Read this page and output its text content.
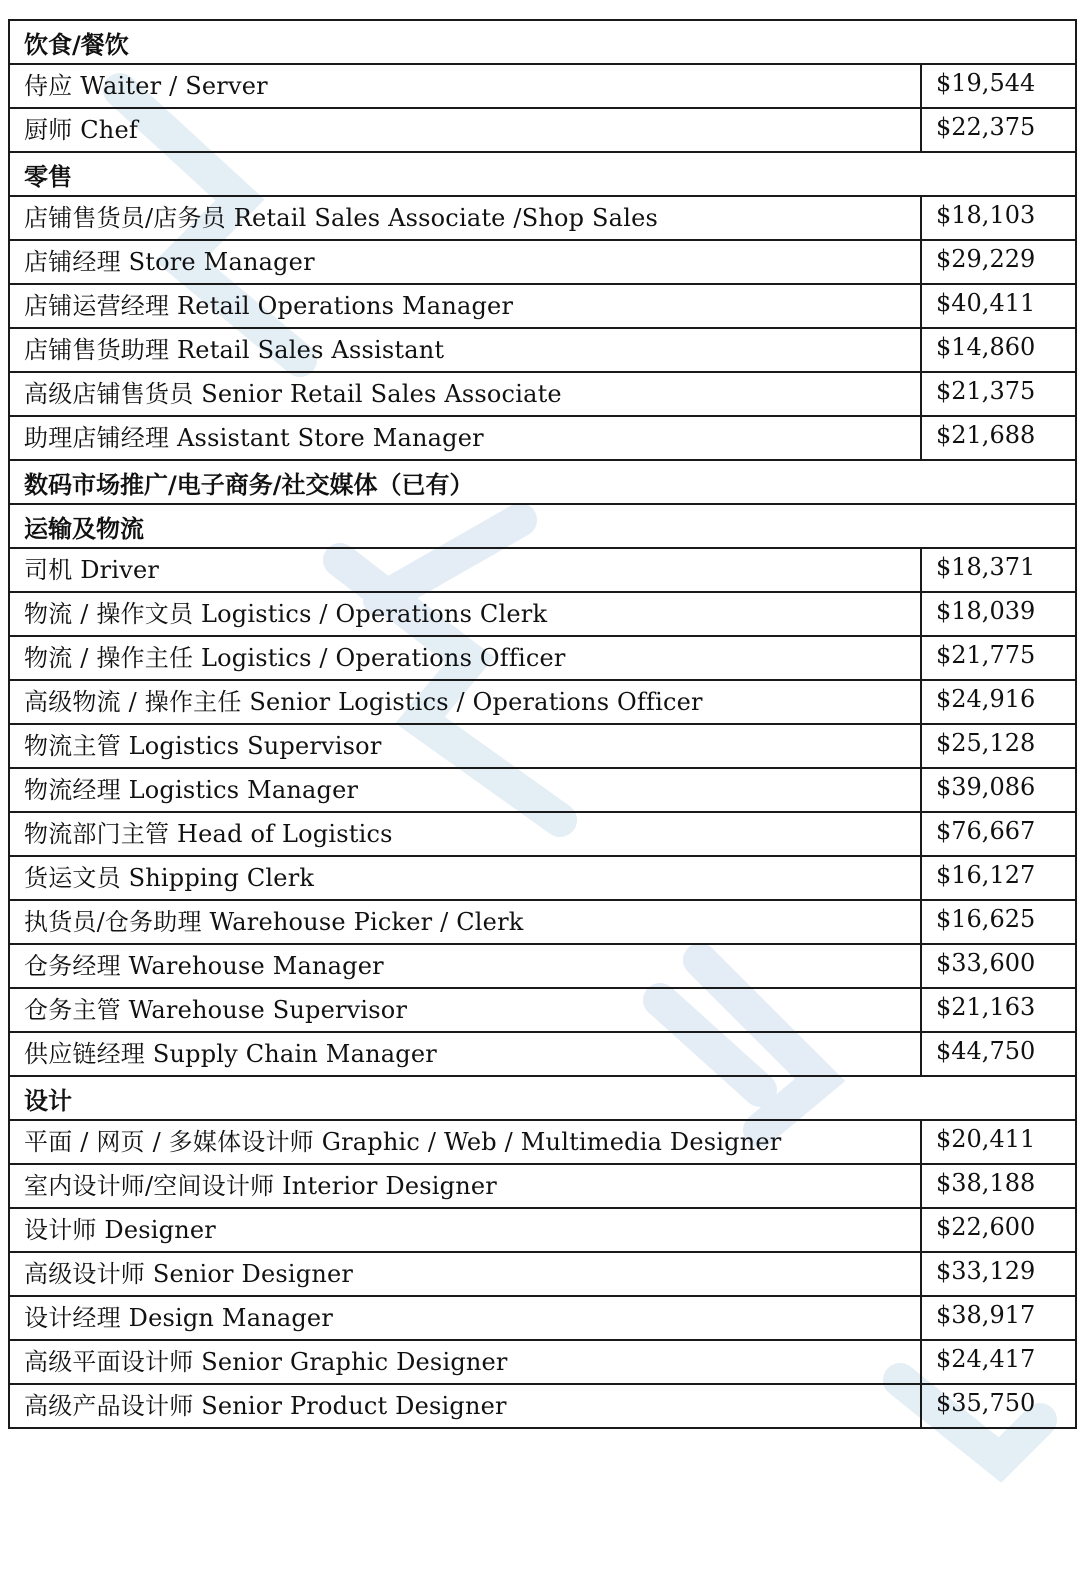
饮食/餐饮	
侍应 Waiter / Server	$19,544
厨师 Chef	$22,375
零售	
店铺售货员/店务员 Retail Sales Associate /Shop Sales	$18,103
店铺经理 Store Manager	$29,229
店铺运营经理 Retail Operations Manager	$40,411
店铺售货助理 Retail Sales Assistant	$14,860
高级店铺售货员 Senior Retail Sales Associate	$21,375
助理店铺经理 Assistant Store Manager	$21,688
数码市场推广/电子商务/社交媒体（已有）	
运输及物流	
司机 Driver	$18,371
物流 / 操作文员 Logistics / Operations Clerk	$18,039
物流 / 操作主任 Logistics / Operations Officer	$21,775
高级物流 / 操作主任 Senior Logistics / Operations Officer	$24,916
物流主管 Logistics Supervisor	$25,128
物流经理 Logistics Manager	$39,086
物流部门主管 Head of Logistics	$76,667
货运文员 Shipping Clerk	$16,127
执货员/仓务助理 Warehouse Picker / Clerk	$16,625
仓务经理 Warehouse Manager	$33,600
仓务主管 Warehouse Supervisor	$21,163
供应链经理 Supply Chain Manager	$44,750
设计	
平面 / 网页 / 多媒体设计师 Graphic / Web / Multimedia Designer	$20,411
室内设计师/空间设计师 Interior Designer	$38,188
设计师 Designer	$22,600
高级设计师 Senior Designer	$33,129
设计经理 Design Manager	$38,917
高级平面设计师 Senior Graphic Designer	$24,417
高级产品设计师 Senior Product Designer	$35,750
